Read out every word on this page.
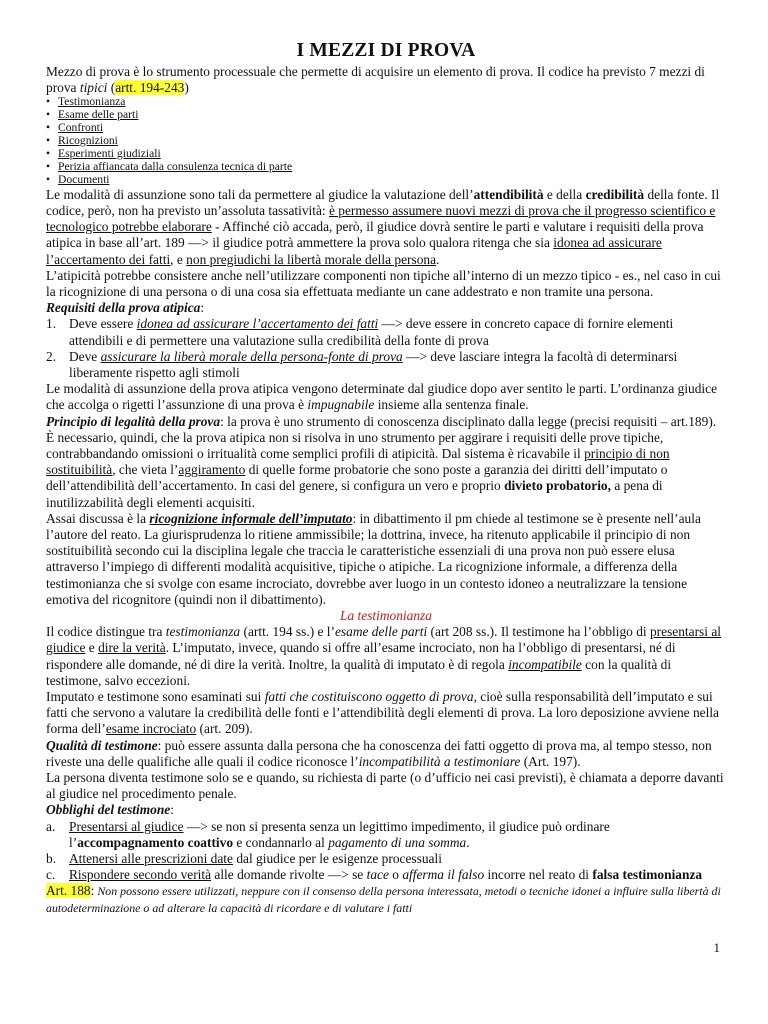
I MEZZI DI PROVA

Mezzo di prova è lo strumento processuale che permette di acquisire un elemento di prova. Il codice ha previsto 7 mezzi di prova tipici (artt. 194-243)

• Testimonianza
• Esame delle parti
• Confronti
• Ricognizioni
• Esperimenti giudiziali
• Perizia affiancata dalla consulenza tecnica di parte
• Documenti

Le modalità di assunzione sono tali da permettere al giudice la valutazione dell’attendibilità e della credibilità della fonte. Il codice, però, non ha previsto un’assoluta tassatività: è permesso assumere nuovi mezzi di prova che il progresso scientifico e tecnologico potrebbe elaborare - Affinché ciò accada, però, il giudice dovrà sentire le parti e valutare i requisiti della prova atipica in base all’art. 189 —> il giudice potrà ammettere la prova solo qualora ritenga che sia idonea ad assicurare l’accertamento dei fatti, e non pregiudichi la libertà morale della persona.

L’atipicità potrebbe consistere anche nell’utilizzare componenti non tipiche all’interno di un mezzo tipico - es., nel caso in cui la ricognizione di una persona o di una cosa sia effettuata mediante un cane addestrato e non tramite una persona.

Requisiti della prova atipica:

1. Deve essere idonea ad assicurare l’accertamento dei fatti —> deve essere in concreto capace di fornire elementi attendibili e di permettere una valutazione sulla credibilità della fonte di prova
2. Deve assicurare la liberà morale della persona-fonte di prova —> deve lasciare integra la facoltà di determinarsi liberamente rispetto agli stimoli

Le modalità di assunzione della prova atipica vengono determinate dal giudice dopo aver sentito le parti. L’ordinanza giudice che accolga o rigetti l’assunzione di una prova è impugnabile insieme alla sentenza finale.

Principio di legalità della prova: la prova è uno strumento di conoscenza disciplinato dalla legge (precisi requisiti – art.189). È necessario, quindi, che la prova atipica non si risolva in uno strumento per aggirare i requisiti delle prove tipiche, contrabbandando omissioni o irritualità come semplici profili di atipicità. Dal sistema è ricavabile il principio di non sostituibilità, che vieta l’aggiramento di quelle forme probatorie che sono poste a garanzia dei diritti dell’imputato o dell’attendibilità dell’accertamento. In casi del genere, si configura un vero e proprio divieto probatorio, a pena di inutilizzabilità degli elementi acquisiti.

Assai discussa è la ricognizione informale dell’imputato: in dibattimento il pm chiede al testimone se è presente nell’aula l’autore del reato. La giurisprudenza lo ritiene ammissibile; la dottrina, invece, ha ritenuto applicabile il principio di non sostituibilità secondo cui la disciplina legale che traccia le caratteristiche essenziali di una prova non può essere elusa attraverso l’impiego di differenti modalità acquisitive, tipiche o atipiche. La ricognizione informale, a differenza della testimonianza che si svolge con esame incrociato, dovrebbe aver luogo in un contesto idoneo a neutralizzare la tensione emotiva del ricognitore (quindi non il dibattimento).

La testimonianza

Il codice distingue tra testimonianza (artt. 194 ss.) e l’esame delle parti (art 208 ss.). Il testimone ha l’obbligo di presentarsi al giudice e dire la verità. L’imputato, invece, quando si offre all’esame incrociato, non ha l’obbligo di presentarsi, né di rispondere alle domande, né di dire la verità. Inoltre, la qualità di imputato è di regola incompatibile con la qualità di testimone, salvo eccezioni.

Imputato e testimone sono esaminati sui fatti che costituiscono oggetto di prova, cioè sulla responsabilità dell’imputato e sui fatti che servono a valutare la credibilità delle fonti e l’attendibilità degli elementi di prova. La loro deposizione avviene nella forma dell’esame incrociato (art. 209).

Qualità di testimone: può essere assunta dalla persona che ha conoscenza dei fatti oggetto di prova ma, al tempo stesso, non riveste una delle qualifiche alle quali il codice riconosce l’incompatibilità a testimoniare (Art. 197).

La persona diventa testimone solo se e quando, su richiesta di parte (o d’ufficio nei casi previsti), è chiamata a deporre davanti al giudice nel procedimento penale.

Obblighi del testimone:

a. Presentarsi al giudice —> se non si presenta senza un legittimo impedimento, il giudice può ordinare l’accompagnamento coattivo e condannarlo al pagamento di una somma.
b. Attenersi alle prescrizioni date dal giudice per le esigenze processuali
c. Rispondere secondo verità alle domande rivolte —> se tace o afferma il falso incorre nel reato di falsa testimonianza

Art. 188: Non possono essere utilizzati, neppure con il consenso della persona interessata, metodi o tecniche idonei a influire sulla libertà di autodeterminazione o ad alterare la capacità di ricordare e di valutare i fatti

1
